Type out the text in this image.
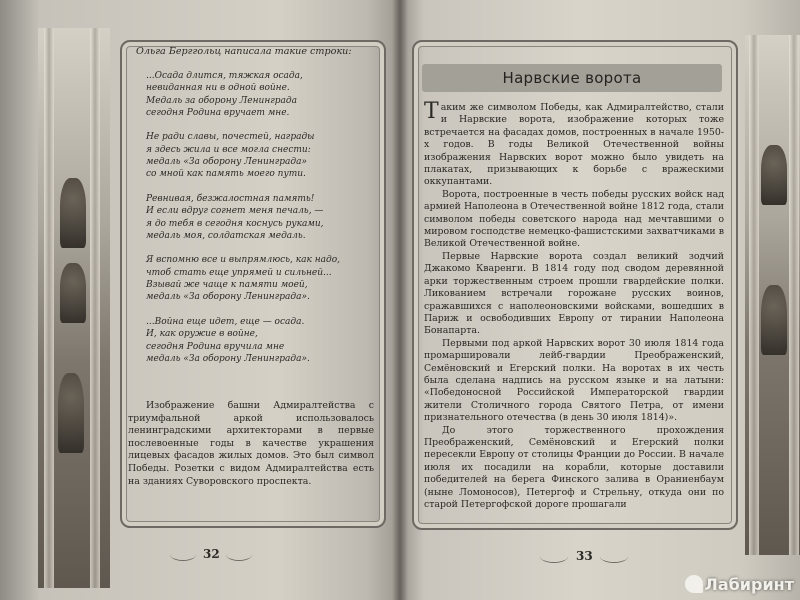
Ольга Берггольц написала такие строки:
...Осада длится, тяжкая осада,
невиданная ни в одной войне.
Медаль за оборону Ленинграда
сегодня Родина вручает мне.

Не ради славы, почестей, награды
я здесь жила и все могла снести:
медаль «За оборону Ленинграда»
со мной как память моего пути.

Ревнивая, безжалостная память!
И если вдруг согнет меня печаль, —
я до тебя в сегодня коснусь руками,
медаль моя, солдатская медаль.

Я вспомню все и выпрямлюсь, как надо,
чтоб стать еще упрямей и сильней...
Взывай же чаще к памяти моей,
медаль «За оборону Ленинграда».

...Война еще идет, еще — осада.
И, как оружие в войне,
сегодня Родина вручила мне
медаль «За оборону Ленинграда».

Изображение башни Адмиралтейства с триумфальной аркой использовалось ленинградскими архитекторами в первые послевоенные годы в качестве украшения лицевых фасадов жилых домов. Это был символ Победы. Розетки с видом Адмиралтейства есть на зданиях Суворовского проспекта.

32
Нарвские ворота

Таким же символом Победы, как Адмиралтейство, стали и Нарвские ворота, изображение которых тоже встречается на фасадах домов, построенных в начале 1950-х годов. В годы Великой Отечественной войны изображения Нарвских ворот можно было увидеть на плакатах, призывающих к борьбе с вражескими оккупантами.

Ворота, построенные в честь победы русских войск над армией Наполеона в Отечественной войне 1812 года, стали символом победы советского народа над мечтавшими о мировом господстве немецко-фашистскими захватчиками в Великой Отечественной войне.

Первые Нарвские ворота создал великий зодчий Джакомо Кваренги. В 1814 году под сводом деревянной арки торжественным строем прошли гвардейские полки. Ликованием встречали горожане русских воинов, сражавшихся с наполеоновскими войсками, вошедших в Париж и освободивших Европу от тирании Наполеона Бонапарта.

Первыми под аркой Нарвских ворот 30 июля 1814 года промаршировали лейб-гвардии Преображенский, Семёновский и Егерский полки. На воротах в их честь была сделана надпись на русском языке и на латыни: «Победоносной Российской Императорской гвардии жители Столичного города Святого Петра, от имени признательного отечества (в день 30 июля 1814)».

До этого торжественного прохождения Преображенский, Семёновский и Егерский полки пересекли Европу от столицы Франции до России. В начале июля их посадили на корабли, которые доставили победителей на берега Финского залива в Ораниенбаум (ныне Ломоносов), Петергоф и Стрельну, откуда они по старой Петергофской дороге прошагали

33
Лабиринт
